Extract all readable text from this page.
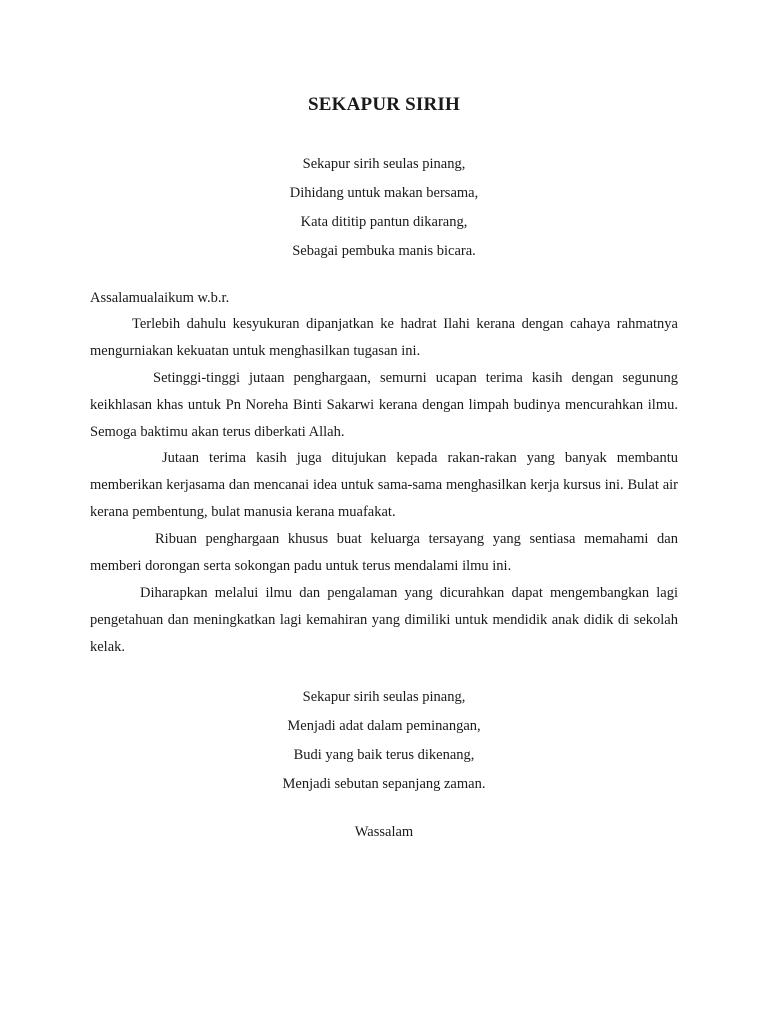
SEKAPUR SIRIH
Sekapur sirih seulas pinang,
Dihidang untuk makan bersama,
Kata dititip pantun dikarang,
Sebagai pembuka manis bicara.
Assalamualaikum w.b.r.
Terlebih dahulu kesyukuran dipanjatkan ke hadrat Ilahi kerana dengan cahaya rahmatnya mengurniakan kekuatan untuk menghasilkan tugasan ini.
Setinggi-tinggi jutaan penghargaan, semurni ucapan terima kasih dengan segunung keikhlasan khas untuk Pn Noreha Binti Sakarwi kerana dengan limpah budinya mencurahkan ilmu. Semoga baktimu akan terus diberkati Allah.
Jutaan terima kasih juga ditujukan kepada rakan-rakan yang banyak membantu memberikan kerjasama dan mencanai idea untuk sama-sama menghasilkan kerja kursus ini. Bulat air kerana pembentung, bulat manusia kerana muafakat.
Ribuan penghargaan khusus buat keluarga tersayang yang sentiasa memahami dan memberi dorongan serta sokongan padu untuk terus mendalami ilmu ini.
Diharapkan melalui ilmu dan pengalaman yang dicurahkan dapat mengembangkan lagi pengetahuan dan meningkatkan lagi kemahiran yang dimiliki untuk mendidik anak didik di sekolah kelak.
Sekapur sirih seulas pinang,
Menjadi adat dalam peminangan,
Budi yang baik terus dikenang,
Menjadi sebutan sepanjang zaman.
Wassalam
